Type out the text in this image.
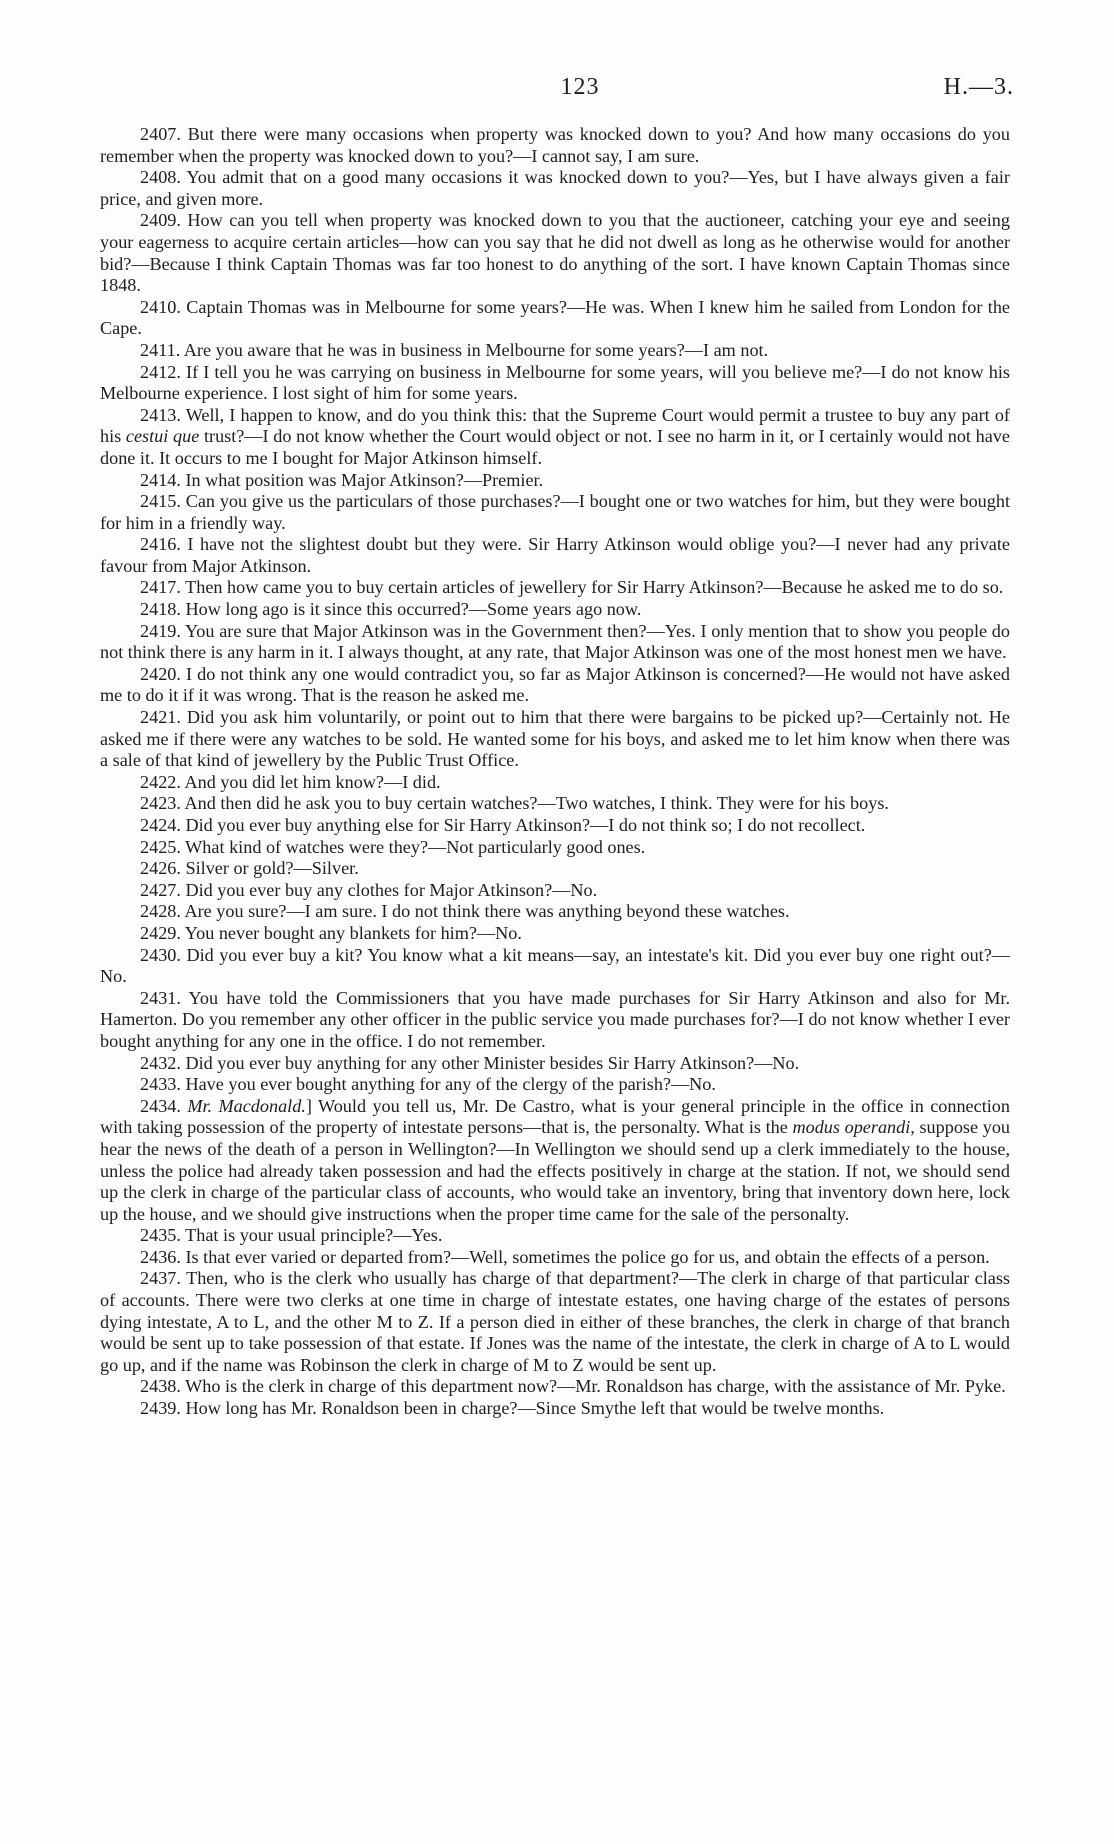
123	H.—3.

2407. But there were many occasions when property was knocked down to you? And how many occasions do you remember when the property was knocked down to you?—I cannot say, I am sure.

2408. You admit that on a good many occasions it was knocked down to you?—Yes, but I have always given a fair price, and given more.

2409. How can you tell when property was knocked down to you that the auctioneer, catching your eye and seeing your eagerness to acquire certain articles—how can you say that he did not dwell as long as he otherwise would for another bid?—Because I think Captain Thomas was far too honest to do anything of the sort. I have known Captain Thomas since 1848.

2410. Captain Thomas was in Melbourne for some years?—He was. When I knew him he sailed from London for the Cape.

2411. Are you aware that he was in business in Melbourne for some years?—I am not.

2412. If I tell you he was carrying on business in Melbourne for some years, will you believe me?—I do not know his Melbourne experience. I lost sight of him for some years.

2413. Well, I happen to know, and do you think this: that the Supreme Court would permit a trustee to buy any part of his cestui que trust?—I do not know whether the Court would object or not. I see no harm in it, or I certainly would not have done it. It occurs to me I bought for Major Atkinson himself.

2414. In what position was Major Atkinson?—Premier.

2415. Can you give us the particulars of those purchases?—I bought one or two watches for him, but they were bought for him in a friendly way.

2416. I have not the slightest doubt but they were. Sir Harry Atkinson would oblige you?—I never had any private favour from Major Atkinson.

2417. Then how came you to buy certain articles of jewellery for Sir Harry Atkinson?—Because he asked me to do so.

2418. How long ago is it since this occurred?—Some years ago now.

2419. You are sure that Major Atkinson was in the Government then?—Yes. I only mention that to show you people do not think there is any harm in it. I always thought, at any rate, that Major Atkinson was one of the most honest men we have.

2420. I do not think any one would contradict you, so far as Major Atkinson is concerned?—He would not have asked me to do it if it was wrong. That is the reason he asked me.

2421. Did you ask him voluntarily, or point out to him that there were bargains to be picked up?—Certainly not. He asked me if there were any watches to be sold. He wanted some for his boys, and asked me to let him know when there was a sale of that kind of jewellery by the Public Trust Office.

2422. And you did let him know?—I did.

2423. And then did he ask you to buy certain watches?—Two watches, I think. They were for his boys.

2424. Did you ever buy anything else for Sir Harry Atkinson?—I do not think so; I do not recollect.

2425. What kind of watches were they?—Not particularly good ones.

2426. Silver or gold?—Silver.

2427. Did you ever buy any clothes for Major Atkinson?—No.

2428. Are you sure?—I am sure. I do not think there was anything beyond these watches.

2429. You never bought any blankets for him?—No.

2430. Did you ever buy a kit? You know what a kit means—say, an intestate's kit. Did you ever buy one right out?—No.

2431. You have told the Commissioners that you have made purchases for Sir Harry Atkinson and also for Mr. Hamerton. Do you remember any other officer in the public service you made purchases for?—I do not know whether I ever bought anything for any one in the office. I do not remember.

2432. Did you ever buy anything for any other Minister besides Sir Harry Atkinson?—No.

2433. Have you ever bought anything for any of the clergy of the parish?—No.

2434. Mr. Macdonald.] Would you tell us, Mr. De Castro, what is your general principle in the office in connection with taking possession of the property of intestate persons—that is, the personalty. What is the modus operandi, suppose you hear the news of the death of a person in Wellington?—In Wellington we should send up a clerk immediately to the house, unless the police had already taken possession and had the effects positively in charge at the station. If not, we should send up the clerk in charge of the particular class of accounts, who would take an inventory, bring that inventory down here, lock up the house, and we should give instructions when the proper time came for the sale of the personalty.

2435. That is your usual principle?—Yes.

2436. Is that ever varied or departed from?—Well, sometimes the police go for us, and obtain the effects of a person.

2437. Then, who is the clerk who usually has charge of that department?—The clerk in charge of that particular class of accounts. There were two clerks at one time in charge of intestate estates, one having charge of the estates of persons dying intestate, A to L, and the other M to Z. If a person died in either of these branches, the clerk in charge of that branch would be sent up to take possession of that estate. If Jones was the name of the intestate, the clerk in charge of A to L would go up, and if the name was Robinson the clerk in charge of M to Z would be sent up.

2438. Who is the clerk in charge of this department now?—Mr. Ronaldson has charge, with the assistance of Mr. Pyke.

2439. How long has Mr. Ronaldson been in charge?—Since Smythe left that would be twelve months.
